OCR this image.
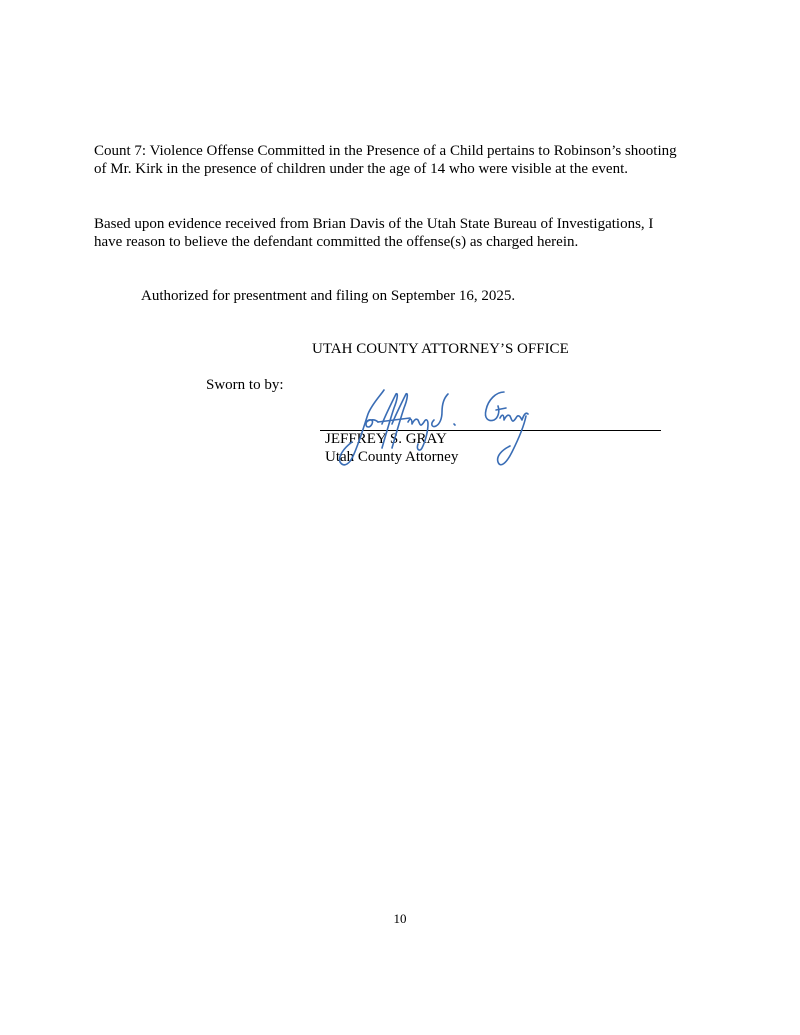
Count 7: Violence Offense Committed in the Presence of a Child pertains to Robinson’s shooting
of Mr. Kirk in the presence of children under the age of 14 who were visible at the event.
Based upon evidence received from Brian Davis of the Utah State Bureau of Investigations, I
have reason to believe the defendant committed the offense(s) as charged herein.
Authorized for presentment and filing on September 16, 2025.
UTAH COUNTY ATTORNEY’S OFFICE
Sworn to by:
JEFFREY S. GRAY
Utah County Attorney
10
